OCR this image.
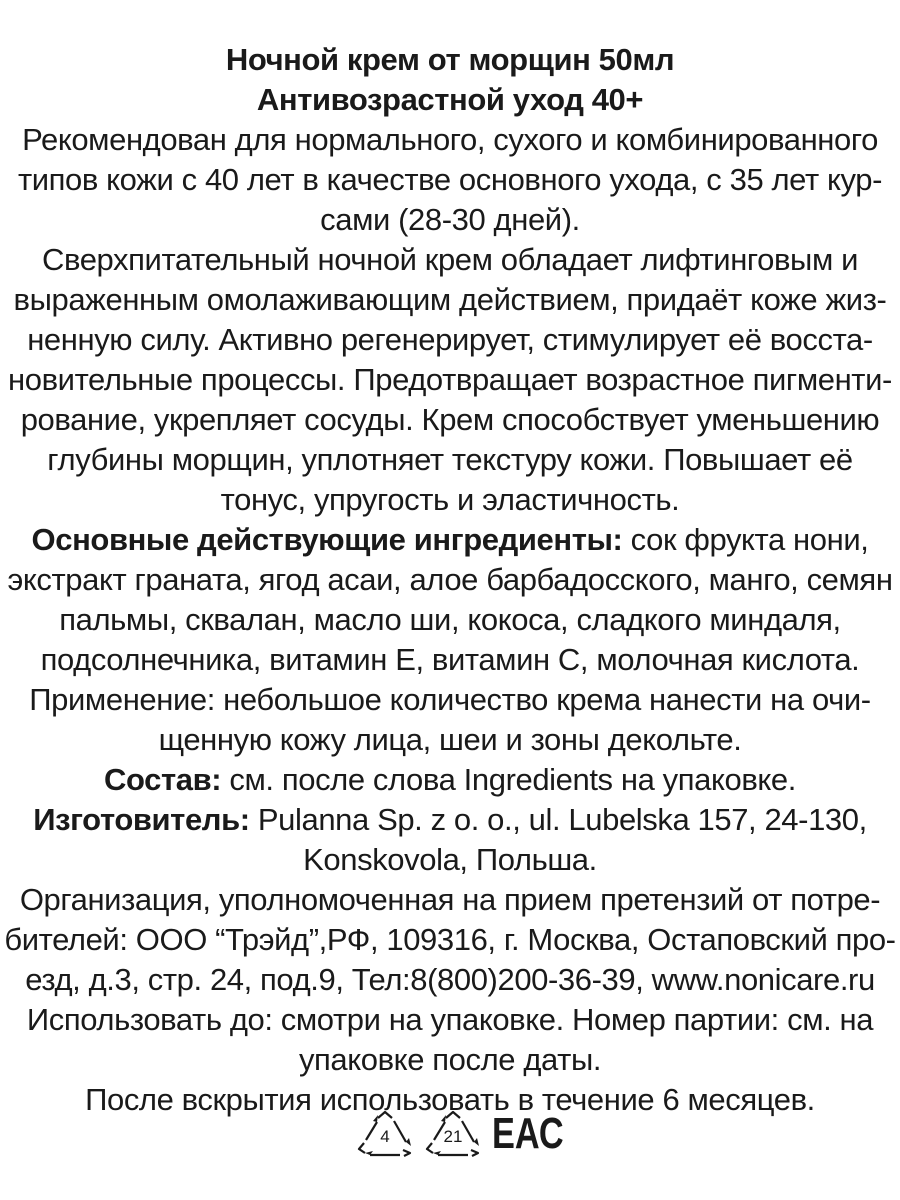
Ночной крем от морщин 50мл
Антивозрастной уход 40+
Рекомендован для нормального, сухого и комбинированного
типов кожи с 40 лет в качестве основного ухода, с 35 лет кур-
сами (28-30 дней).
Сверхпитательный ночной крем обладает лифтинговым и
выраженным омолаживающим действием, придаёт коже жиз-
ненную силу. Активно регенерирует, стимулирует её восста-
новительные процессы. Предотвращает возрастное пигменти-
рование, укрепляет сосуды. Крем способствует уменьшению
глубины морщин, уплотняет текстуру кожи. Повышает её
тонус, упругость и эластичность.
Основные действующие ингредиенты: сок фрукта нони,
экстракт граната, ягод асаи, алое барбадосского, манго, семян
пальмы, сквалан, масло ши, кокоса, сладкого миндаля,
подсолнечника, витамин Е, витамин С, молочная кислота.
Применение: небольшое количество крема нанести на очи-
щенную кожу лица, шеи и зоны декольте.
Состав: см. после слова Ingredients на упаковке.
Изготовитель: Pulanna Sp. z o. o., ul. Lubelska 157, 24-130,
Konskovola, Польша.
Организация, уполномоченная на прием претензий от потре-
бителей: ООО “Трэйд”,РФ, 109316, г. Москва, Остаповский про-
езд, д.3, стр. 24, под.9, Тел:8(800)200-36-39, www.nonicare.ru
Использовать до: смотри на упаковке. Номер партии: см. на
упаковке после даты.
После вскрытия использовать в течение 6 месяцев.
4	21 ЕАС
